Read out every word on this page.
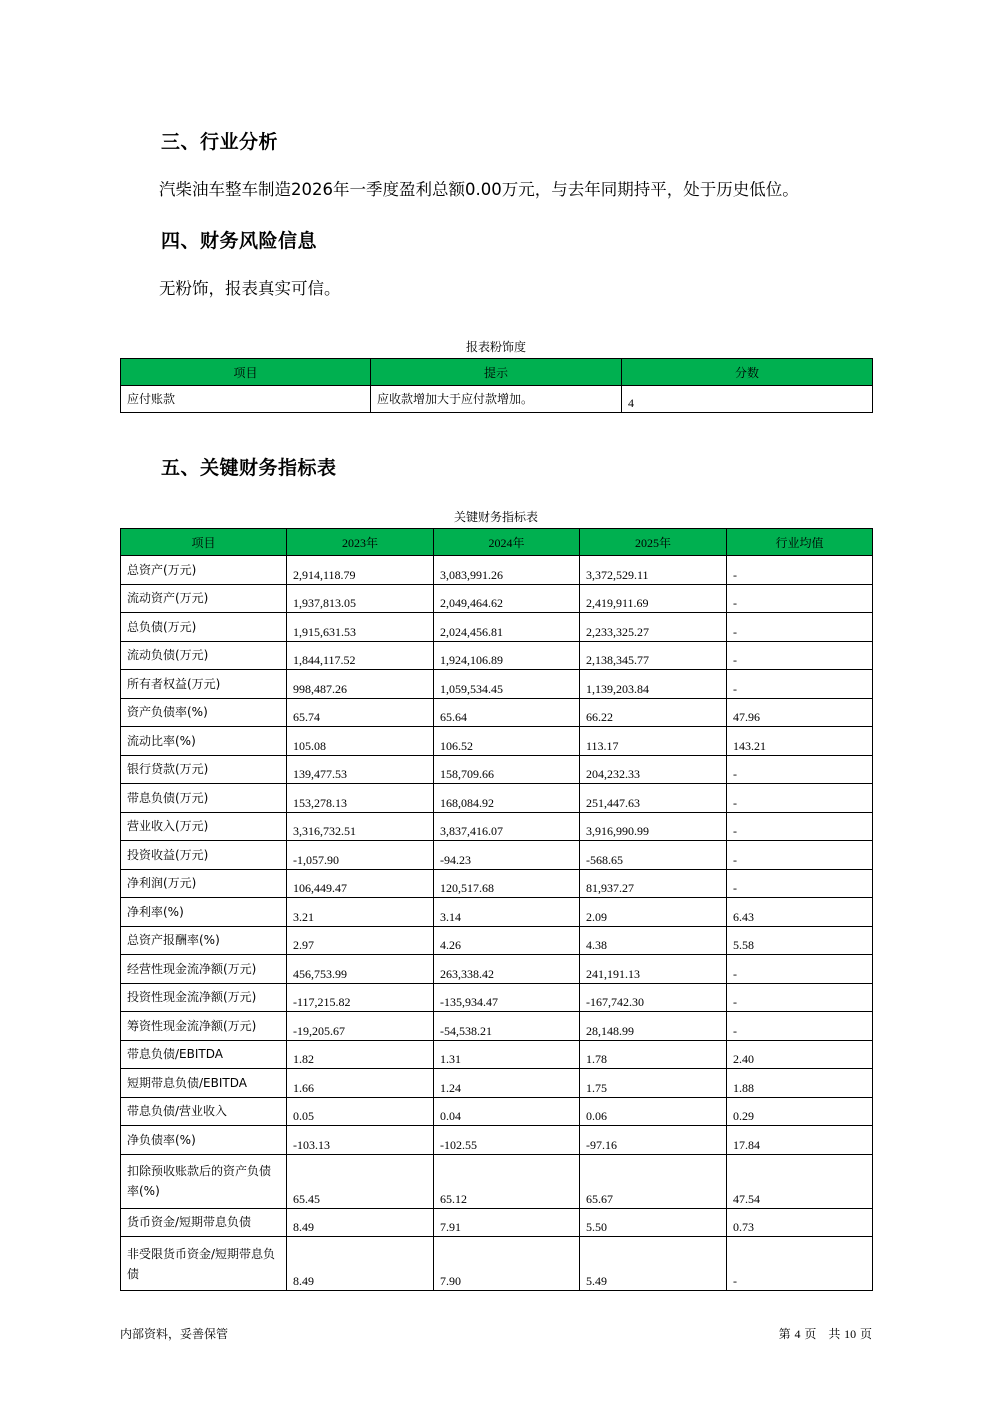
三、行业分析

汽柴油车整车制造2026年一季度盈利总额0.00万元，与去年同期持平，处于历史低位。

四、财务风险信息

无粉饰，报表真实可信。

报表粉饰度
项目	提示	分数
应付账款	应收款增加大于应付款增加。	4
五、关键财务指标表
关键财务指标表
项目	2023年	2024年	2025年	行业均值
总资产(万元)	2,914,118.79	3,083,991.26	3,372,529.11	-
流动资产(万元)	1,937,813.05	2,049,464.62	2,419,911.69	-
总负债(万元)	1,915,631.53	2,024,456.81	2,233,325.27	-
流动负债(万元)	1,844,117.52	1,924,106.89	2,138,345.77	-
所有者权益(万元)	998,487.26	1,059,534.45	1,139,203.84	-
资产负债率(%)	65.74	65.64	66.22	47.96
流动比率(%)	105.08	106.52	113.17	143.21
银行贷款(万元)	139,477.53	158,709.66	204,232.33	-
带息负债(万元)	153,278.13	168,084.92	251,447.63	-
营业收入(万元)	3,316,732.51	3,837,416.07	3,916,990.99	-
投资收益(万元)	-1,057.90	-94.23	-568.65	-
净利润(万元)	106,449.47	120,517.68	81,937.27	-
净利率(%)	3.21	3.14	2.09	6.43
总资产报酬率(%)	2.97	4.26	4.38	5.58
经营性现金流净额(万元)	456,753.99	263,338.42	241,191.13	-
投资性现金流净额(万元)	-117,215.82	-135,934.47	-167,742.30	-
筹资性现金流净额(万元)	-19,205.67	-54,538.21	28,148.99	-
带息负债/EBITDA	1.82	1.31	1.78	2.40
短期带息负债/EBITDA	1.66	1.24	1.75	1.88
带息负债/营业收入	0.05	0.04	0.06	0.29
净负债率(%)	-103.13	-102.55	-97.16	17.84
扣除预收账款后的资产负债率(%)	65.45	65.12	65.67	47.54
货币资金/短期带息负债	8.49	7.91	5.50	0.73
非受限货币资金/短期带息负债	8.49	7.90	5.49	-
内部资料，妥善保管	第 4 页　共 10 页
